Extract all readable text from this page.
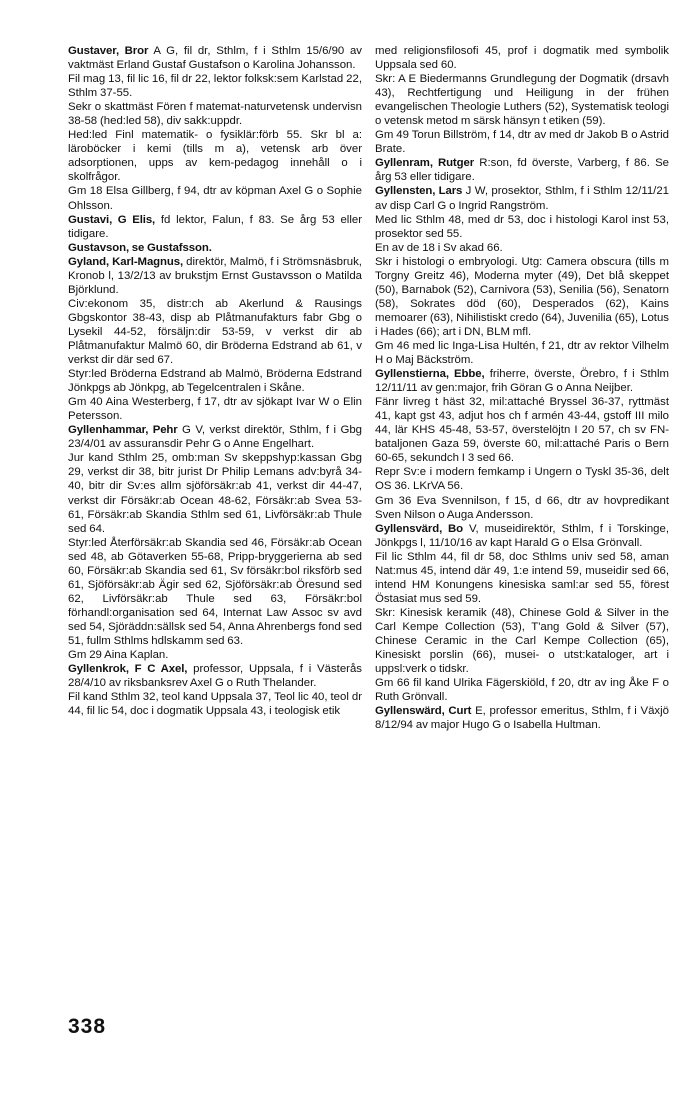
Gustaver, Bror A G, fil dr, Sthlm, f i Sthlm 15/6/90 av vaktmäst Erland Gustaf Gustafson o Karolina Johansson.

Fil mag 13, fil lic 16, fil dr 22, lektor folksk:sem Karlstad 22, Sthlm 37-55.

Sekr o skattmäst Fören f matemat-naturvetensk undervisn 38-58 (hed:led 58), div sakk:uppdr.

Hed:led Finl matematik- o fysiklär:förb 55. Skr bl a: läroböcker i kemi (tills m a), vetensk arb över adsorptionen, upps av kem-pedagog innehåll o i skolfrågor.

Gm 18 Elsa Gillberg, f 94, dtr av köpman Axel G o Sophie Ohlsson.

Gustavi, G Elis, fd lektor, Falun, f 83. Se årg 53 eller tidigare.

Gustavson, se Gustafsson.

Gyland, Karl-Magnus, direktör, Malmö, f i Strömsnäsbruk, Kronob l, 13/2/13 av brukstjm Ernst Gustavsson o Matilda Björklund.

Civ:ekonom 35, distr:ch ab Akerlund & Rausings Gbgskontor 38-43, disp ab Plåtmanufakturs fabr Gbg o Lysekil 44-52, försäljn:dir 53-59, v verkst dir ab Plåtmanufaktur Malmö 60, dir Bröderna Edstrand ab 61, v verkst dir där sed 67.

Styr:led Bröderna Edstrand ab Malmö, Bröderna Edstrand Jönkpgs ab Jönkpg, ab Tegelcentralen i Skåne.

Gm 40 Aina Westerberg, f 17, dtr av sjökapt Ivar W o Elin Petersson.

Gyllenhammar, Pehr G V, verkst direktör, Sthlm, f i Gbg 23/4/01 av assuransdir Pehr G o Anne Engelhart.

Jur kand Sthlm 25, omb:man Sv skeppshyp:kassan Gbg 29, verkst dir 38, bitr jurist Dr Philip Lemans adv:byrå 34-40, bitr dir Sv:es allm sjöförsäkr:ab 41, verkst dir 44-47, verkst dir Försäkr:ab Ocean 48-62, Försäkr:ab Svea 53-61, Försäkr:ab Skandia Sthlm sed 61, Livförsäkr:ab Thule sed 64.

Styr:led Återförsäkr:ab Skandia sed 46, Försäkr:ab Ocean sed 48, ab Götaverken 55-68, Pripp-bryggerierna ab sed 60, Försäkr:ab Skandia sed 61, Sv försäkr:bol riksförb sed 61, Sjöförsäkr:ab Ägir sed 62, Sjöförsäkr:ab Öresund sed 62, Livförsäkr:ab Thule sed 63, Försäkr:bol förhandl:organisation sed 64, Internat Law Assoc sv avd sed 54, Sjöräddn:sällsk sed 54, Anna Ahrenbergs fond sed 51, fullm Sthlms hdlskamm sed 63.

Gm 29 Aina Kaplan.

Gyllenkrok, F C Axel, professor, Uppsala, f i Västerås 28/4/10 av riksbanksrev Axel G o Ruth Thelander.

Fil kand Sthlm 32, teol kand Uppsala 37, Teol lic 40, teol dr 44, fil lic 54, doc i dogmatik Uppsala 43, i teologisk etik

med religionsfilosofi 45, prof i dogmatik med symbolik Uppsala sed 60.

Skr: A E Biedermanns Grundlegung der Dogmatik (drsavh 43), Rechtfertigung und Heiligung in der frühen evangelischen Theologie Luthers (52), Systematisk teologi o vetensk metod m särsk hänsyn t etiken (59).

Gm 49 Torun Billström, f 14, dtr av med dr Jakob B o Astrid Brate.

Gyllenram, Rutger R:son, fd överste, Varberg, f 86. Se årg 53 eller tidigare.

Gyllensten, Lars J W, prosektor, Sthlm, f i Sthlm 12/11/21 av disp Carl G o Ingrid Rangström.

Med lic Sthlm 48, med dr 53, doc i histologi Karol inst 53, prosektor sed 55.

En av de 18 i Sv akad 66.

Skr i histologi o embryologi. Utg: Camera obscura (tills m Torgny Greitz 46), Moderna myter (49), Det blå skeppet (50), Barnabok (52), Carnivora (53), Senilia (56), Senatorn (58), Sokrates död (60), Desperados (62), Kains memoarer (63), Nihilistiskt credo (64), Juvenilia (65), Lotus i Hades (66); art i DN, BLM mfl.

Gm 46 med lic Inga-Lisa Hultén, f 21, dtr av rektor Vilhelm H o Maj Bäckström.

Gyllenstierna, Ebbe, friherre, överste, Örebro, f i Sthlm 12/11/11 av gen:major, frih Göran G o Anna Neijber.

Fänr livreg t häst 32, mil:attaché Bryssel 36-37, ryttmäst 41, kapt gst 43, adjut hos ch f armén 43-44, gstoff III milo 44, lär KHS 45-48, 53-57, överstelöjtn I 20 57, ch sv FN-bataljonen Gaza 59, överste 60, mil:attaché Paris o Bern 60-65, sekundch I 3 sed 66.

Repr Sv:e i modern femkamp i Ungern o Tyskl 35-36, delt OS 36. LKrVA 56.

Gm 36 Eva Svennilson, f 15, d 66, dtr av hovpredikant Sven Nilson o Auga Andersson.

Gyllensvärd, Bo V, museidirektör, Sthlm, f i Torskinge, Jönkpgs l, 11/10/16 av kapt Harald G o Elsa Grönvall.

Fil lic Sthlm 44, fil dr 58, doc Sthlms univ sed 58, aman Nat:mus 45, intend där 49, 1:e intend 59, museidir sed 66, intend HM Konungens kinesiska saml:ar sed 55, förest Östasiat mus sed 59.

Skr: Kinesisk keramik (48), Chinese Gold & Silver in the Carl Kempe Collection (53), T'ang Gold & Silver (57), Chinese Ceramic in the Carl Kempe Collection (65), Kinesiskt porslin (66), musei- o utst:kataloger, art i uppsl:verk o tidskr.

Gm 66 fil kand Ulrika Fägerskiöld, f 20, dtr av ing Åke F o Ruth Grönvall.

Gyllenswärd, Curt E, professor emeritus, Sthlm, f i Växjö 8/12/94 av major Hugo G o Isabella Hultman.

338
